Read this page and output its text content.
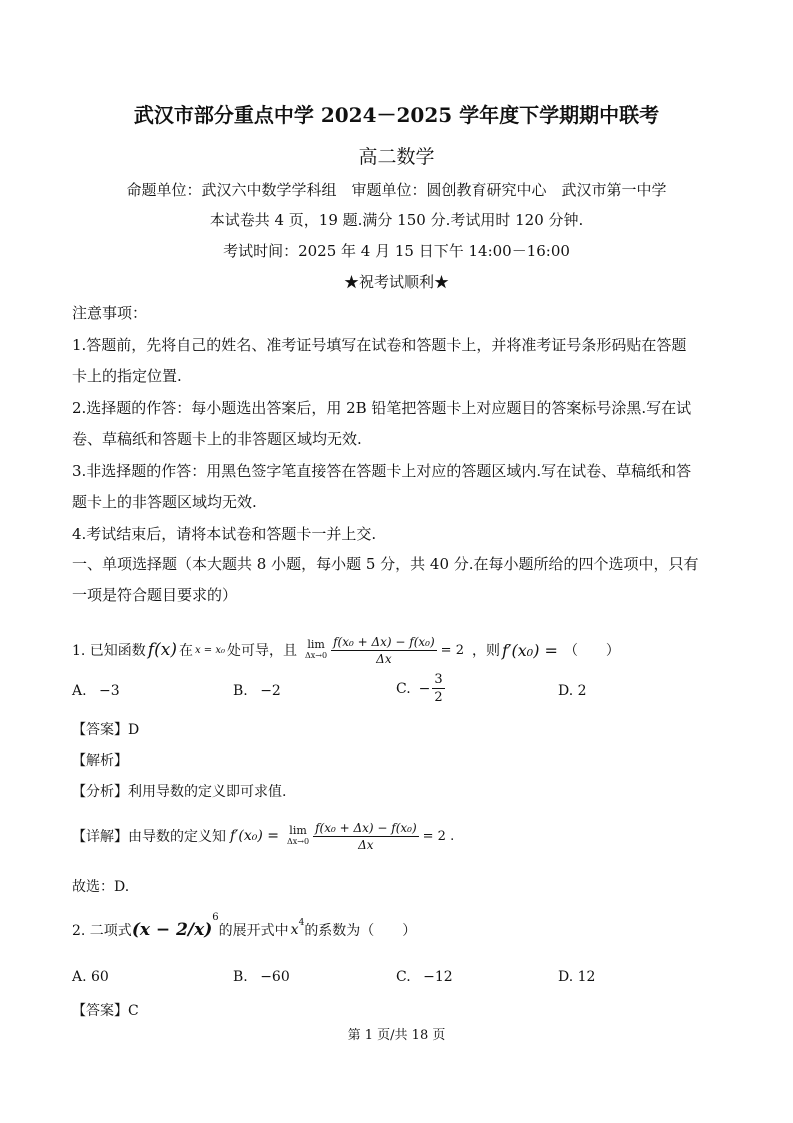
武汉市部分重点中学 2024－2025 学年度下学期期中联考
高二数学
命题单位：武汉六中数学学科组　审题单位：圆创教育研究中心　武汉市第一中学
本试卷共 4 页，19 题.满分 150 分.考试用时 120 分钟.
考试时间：2025 年 4 月 15 日下午 14:00－16:00
★祝考试顺利★
注意事项：
1.答题前，先将自己的姓名、准考证号填写在试卷和答题卡上，并将准考证号条形码贴在答题
卡上的指定位置.
2.选择题的作答：每小题选出答案后，用 2B 铅笔把答题卡上对应题目的答案标号涂黑.写在试
卷、草稿纸和答题卡上的非答题区域均无效.
3.非选择题的作答：用黑色签字笔直接答在答题卡上对应的答题区域内.写在试卷、草稿纸和答
题卡上的非答题区域均无效.
4.考试结束后，请将本试卷和答题卡一并上交.
一、单项选择题（本大题共 8 小题，每小题 5 分，共 40 分.在每小题所给的四个选项中，只有
一项是符合题目要求的）
1. 已知函数 f(x) 在 x = x₀ 处可导，且 lim
$\Delta x\to 0 \frac{\text{f(x₀ + Δx) − f(x₀)}}{\Delta x} = 2$ ，则 f′(x₀) = （　　）
A. −3	B. −2	C. − $\frac{3}{2}$	D. 2
【答案】D
【解析】
【分析】利用导数的定义即可求值.
【详解】由导数的定义知 f′(x₀) = lim
$\Delta x\to 0 \frac{\text{f(x₀ + Δx) − f(x₀)}}{\Delta x} = 2$ .
故选：D.
2. 二项式 (x − 2/x)
$^6$
的展开式中 $x^4$ 的系数为（　　）
A. 60	B. −60	C. −12	D. 12
【答案】C
第 1 页/共 18 页
